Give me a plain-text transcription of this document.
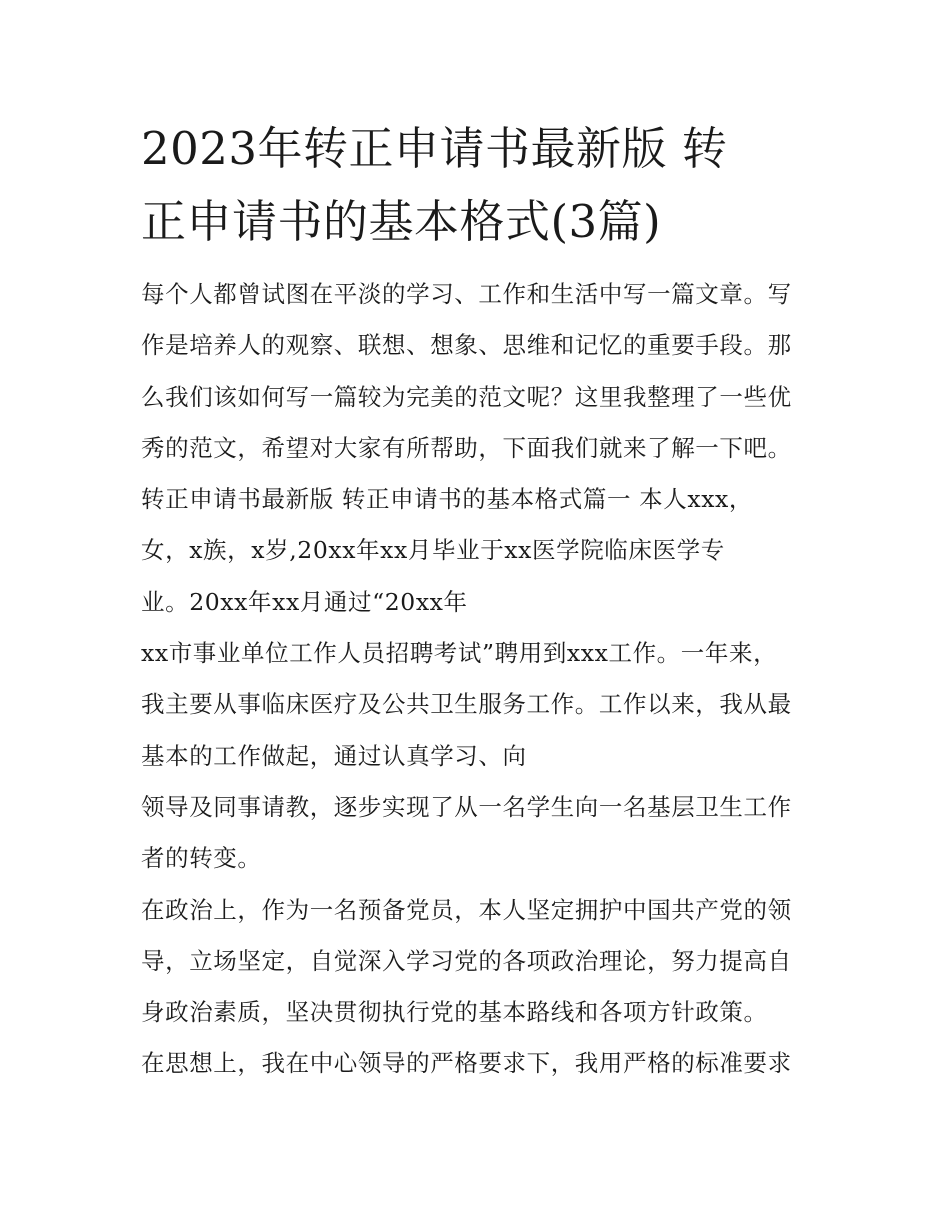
2023年转正申请书最新版 转
正申请书的基本格式(3篇)
每个人都曾试图在平淡的学习、工作和生活中写一篇文章。写
作是培养人的观察、联想、想象、思维和记忆的重要手段。那
么我们该如何写一篇较为完美的范文呢？这里我整理了一些优
秀的范文，希望对大家有所帮助，下面我们就来了解一下吧。
转正申请书最新版 转正申请书的基本格式篇一 本人xxx，
女，x族，x岁,20xx年xx月毕业于xx医学院临床医学专
业。20xx年xx月通过“20xx年
xx市事业单位工作人员招聘考试”聘用到xxx工作。一年来，
我主要从事临床医疗及公共卫生服务工作。工作以来，我从最
基本的工作做起，通过认真学习、向
领导及同事请教，逐步实现了从一名学生向一名基层卫生工作
者的转变。
在政治上，作为一名预备党员，本人坚定拥护中国共产党的领
导，立场坚定，自觉深入学习党的各项政治理论，努力提高自
身政治素质，坚决贯彻执行党的基本路线和各项方针政策。
在思想上，我在中心领导的严格要求下，我用严格的标准要求
